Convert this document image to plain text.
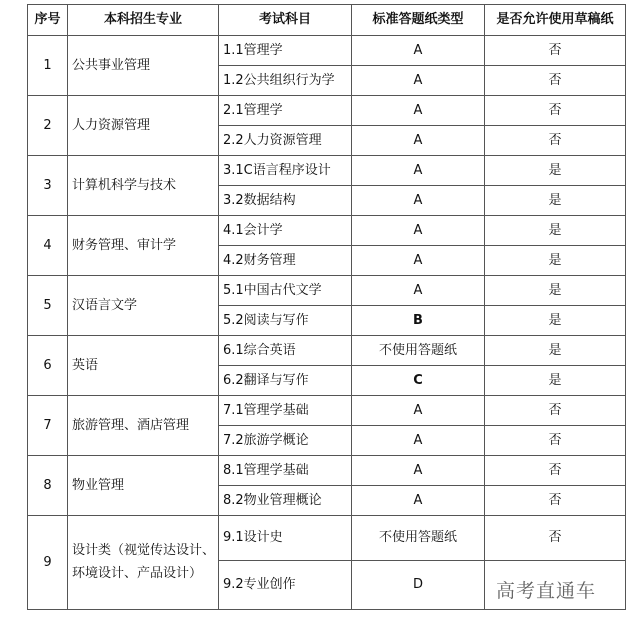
序号	本科招生专业	考试科目	标准答题纸类型	是否允许使用草稿纸
1	公共事业管理	1.1管理学	A	否
		1.2公共组织行为学	A	否
2	人力资源管理	2.1管理学	A	否
		2.2人力资源管理	A	否
3	计算机科学与技术	3.1C语言程序设计	A	是
		3.2数据结构	A	是
4	财务管理、审计学	4.1会计学	A	是
		4.2财务管理	A	是
5	汉语言文学	5.1中国古代文学	A	是
		5.2阅读与写作	B	是
6	英语	6.1综合英语	不使用答题纸	是
		6.2翻译与写作	C	是
7	旅游管理、酒店管理	7.1管理学基础	A	否
		7.2旅游学概论	A	否
8	物业管理	8.1管理学基础	A	否
		8.2物业管理概论	A	否
9	设计类（视觉传达设计、环境设计、产品设计）	9.1设计史	不使用答题纸	否
		9.2专业创作	D		高考直通车
